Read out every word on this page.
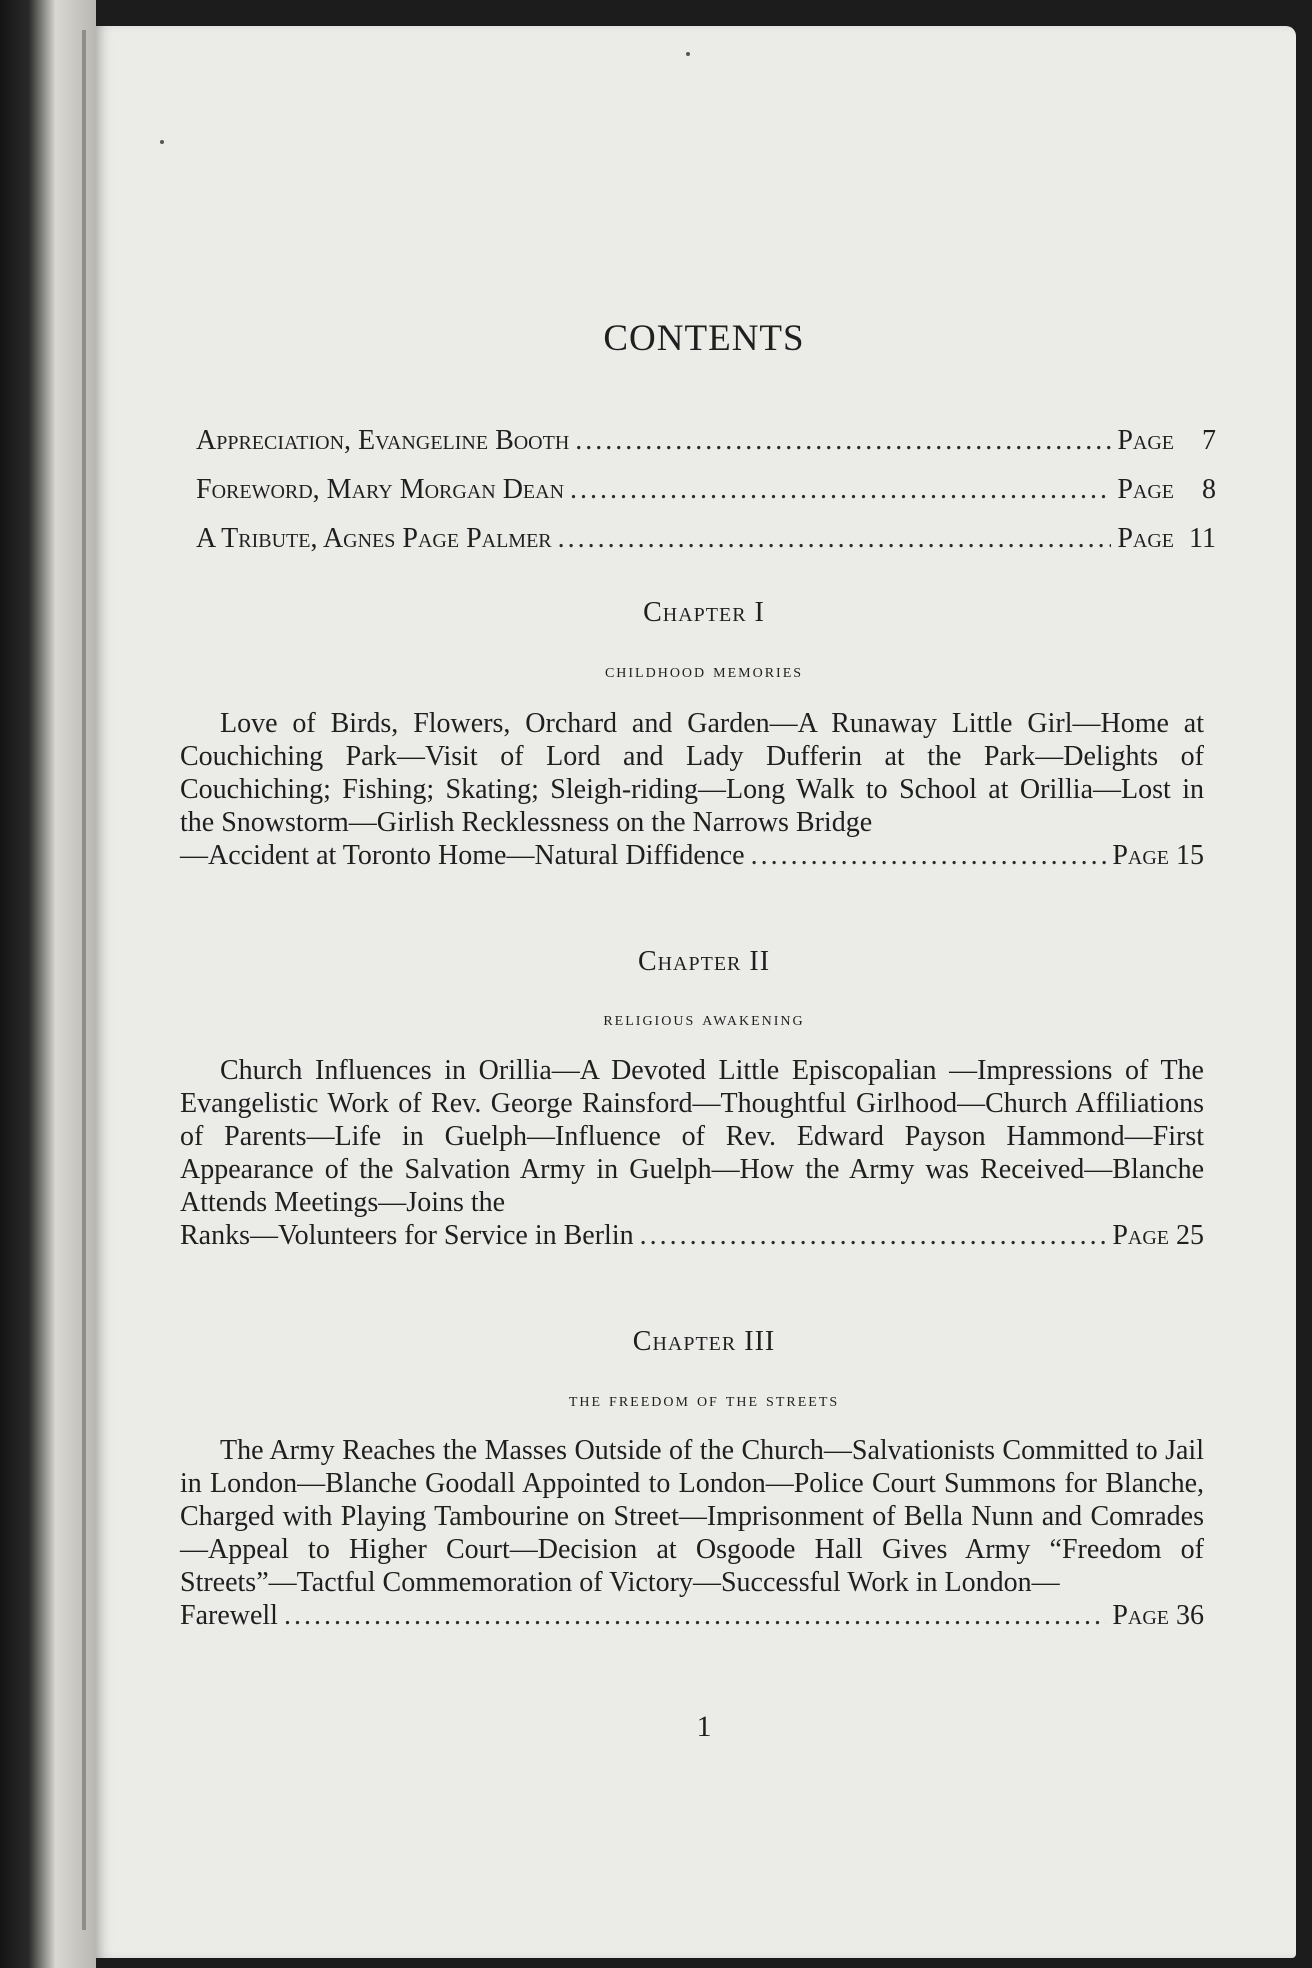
CONTENTS
Appreciation, Evangeline Booth .....	Page 7
Foreword, Mary Morgan Dean .....	Page 8
A Tribute, Agnes Page Palmer .....	Page 11
Chapter I
childhood memories
Love of Birds, Flowers, Orchard and Garden—A Runaway Little Girl—Home at Couchiching Park—Visit of Lord and Lady Dufferin at the Park—Delights of Couchiching; Fishing; Skating; Sleigh-riding—Long Walk to School at Orillia—Lost in the Snowstorm—Girlish Recklessness on the Narrows Bridge
—Accident at Toronto Home—Natural Diffidence .....	Page 15
Chapter II
religious awakening
Church Influences in Orillia—A Devoted Little Episcopalian —Impressions of The Evangelistic Work of Rev. George Rainsford—Thoughtful Girlhood—Church Affiliations of Parents—Life in Guelph—Influence of Rev. Edward Payson Hammond—First Appearance of the Salvation Army in Guelph—How the Army was Received—Blanche Attends Meetings—Joins the
Ranks—Volunteers for Service in Berlin .....	Page 25
Chapter III
the freedom of the streets
The Army Reaches the Masses Outside of the Church—Salvationists Committed to Jail in London—Blanche Goodall Appointed to London—Police Court Summons for Blanche, Charged with Playing Tambourine on Street—Imprisonment of Bella Nunn and Comrades—Appeal to Higher Court—Decision at Osgoode Hall Gives Army “Freedom of Streets”—Tactful Commemoration of Victory—Successful Work in London—
Farewell .....	Page 36
1
